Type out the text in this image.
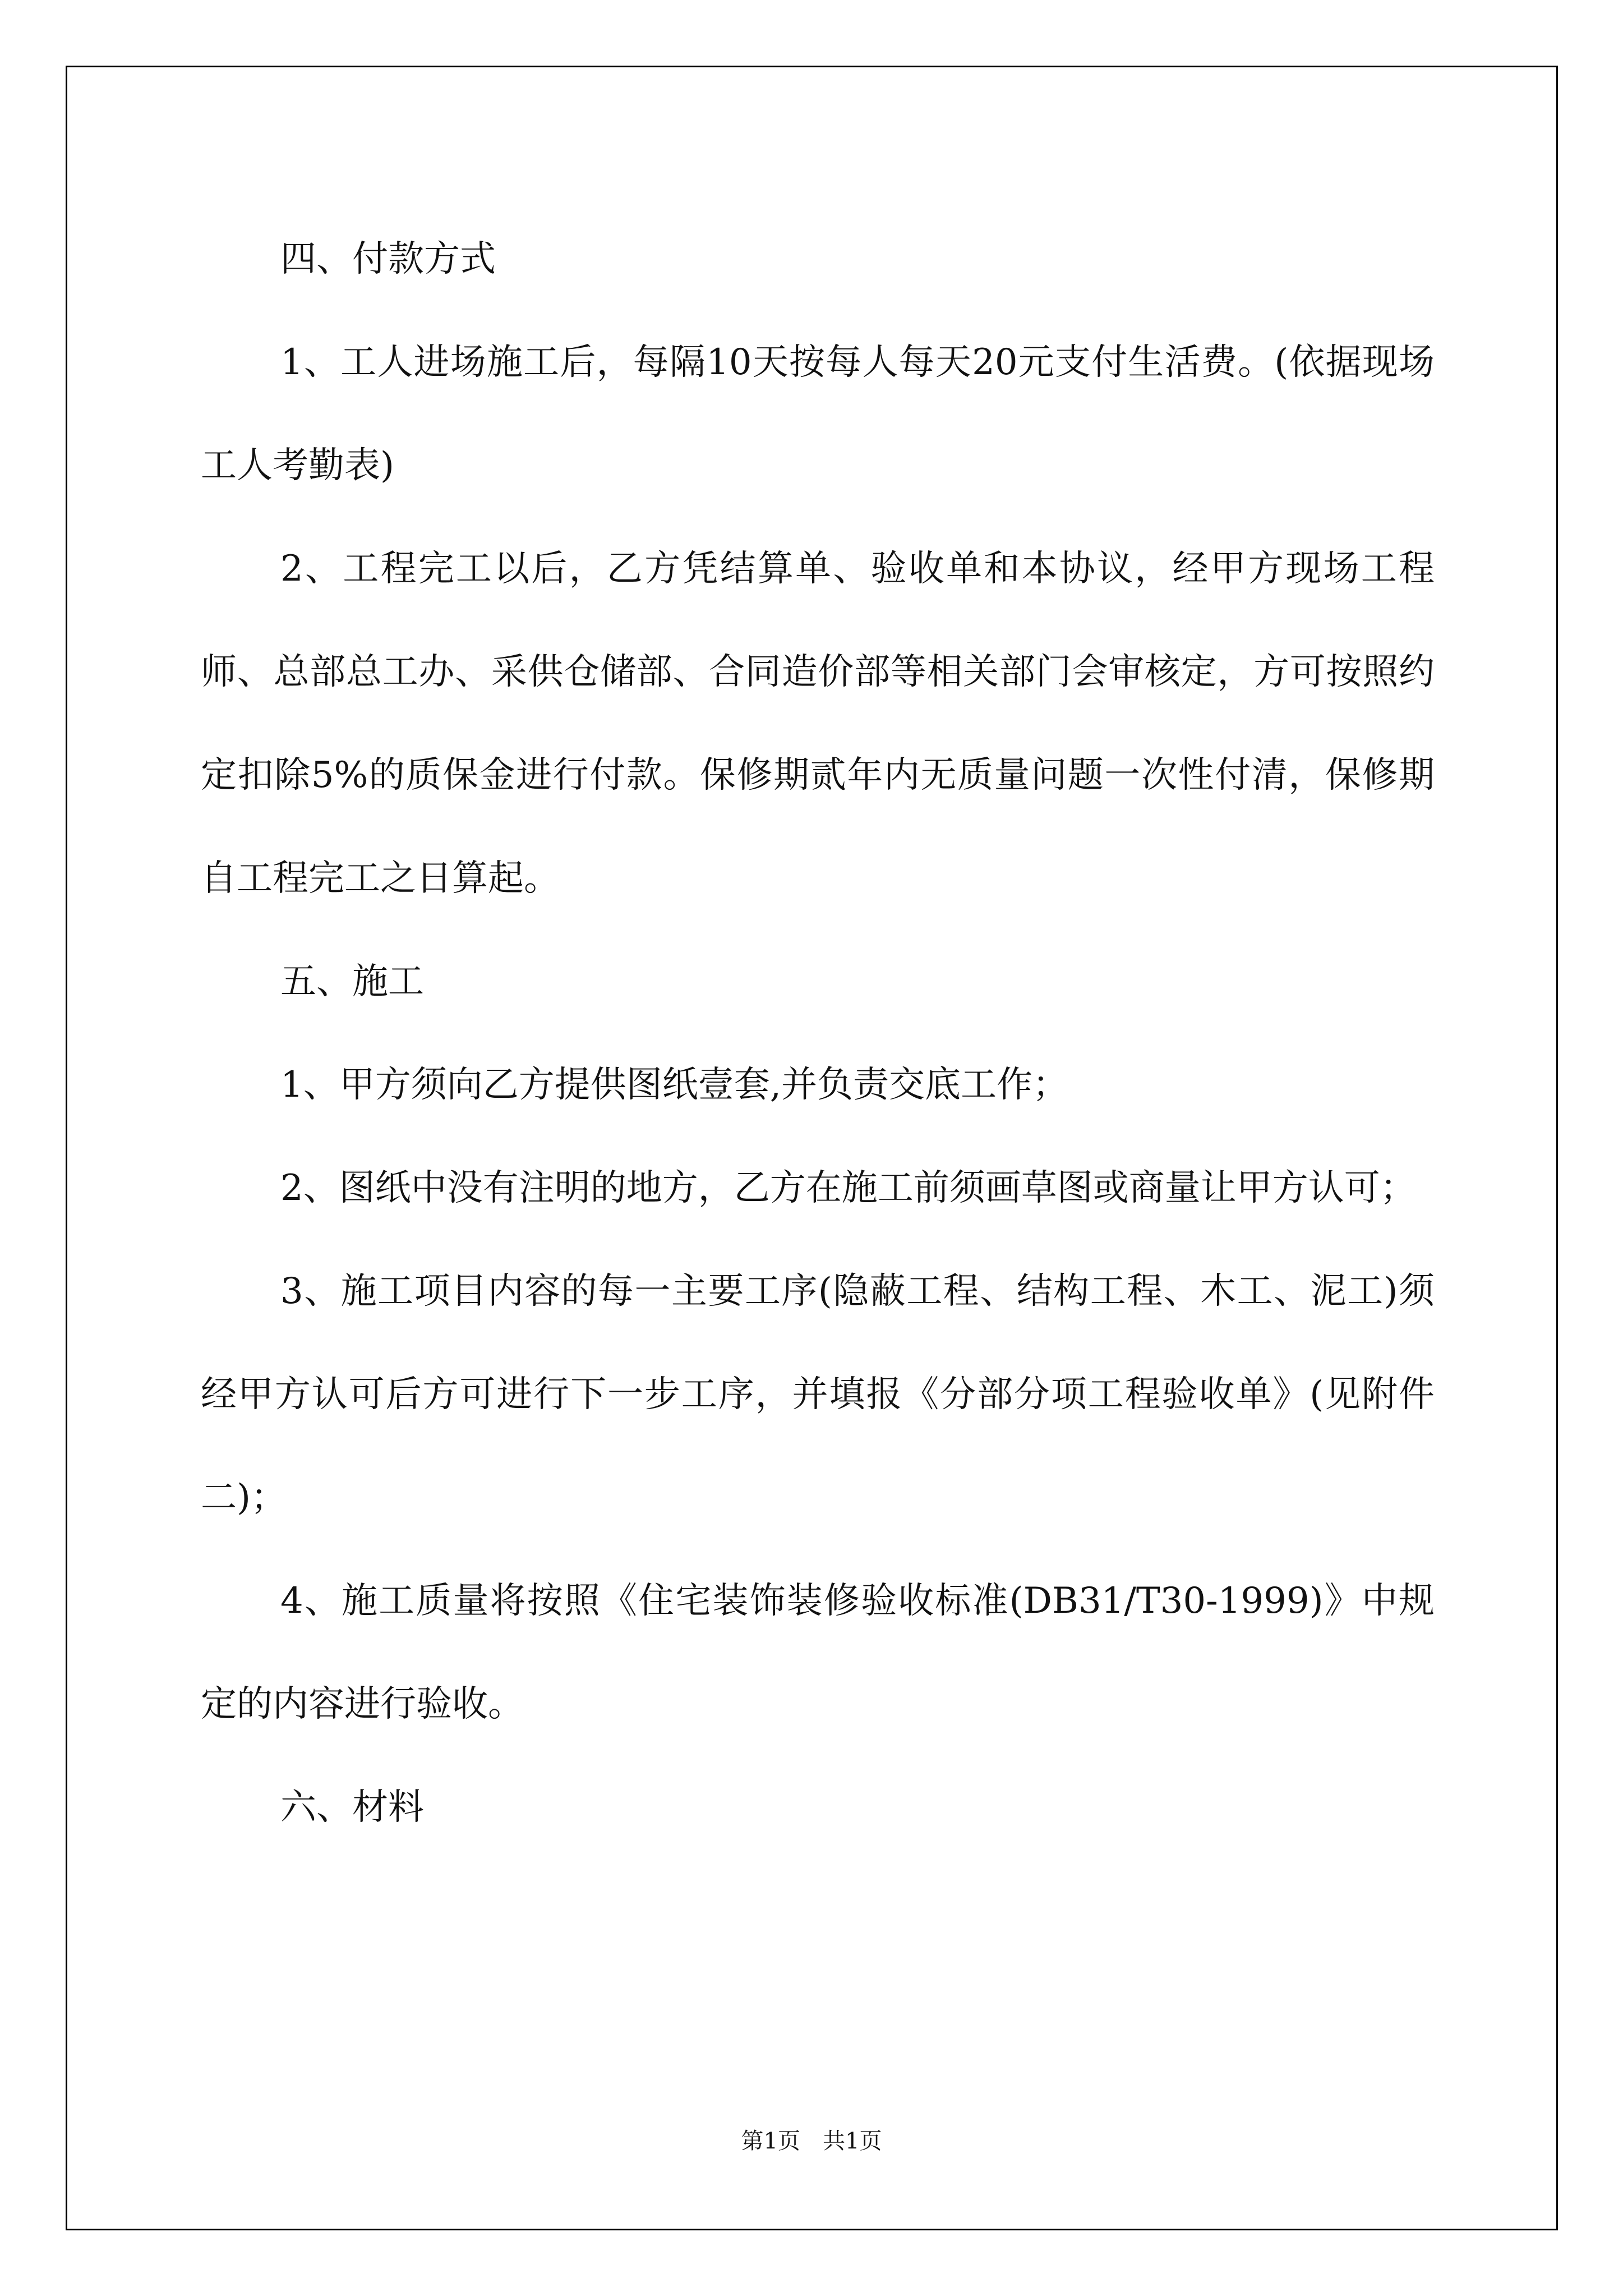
四、付款方式

1、工人进场施工后，每隔10天按每人每天20元支付生活费。(依据现场工人考勤表)

2、工程完工以后，乙方凭结算单、验收单和本协议，经甲方现场工程师、总部总工办、采供仓储部、合同造价部等相关部门会审核定，方可按照约定扣除5%的质保金进行付款。保修期贰年内无质量问题一次性付清，保修期自工程完工之日算起。

五、施工

1、甲方须向乙方提供图纸壹套,并负责交底工作；

2、图纸中没有注明的地方，乙方在施工前须画草图或商量让甲方认可；

3、施工项目内容的每一主要工序(隐蔽工程、结构工程、木工、泥工)须经甲方认可后方可进行下一步工序，并填报《分部分项工程验收单》(见附件二)；

4、施工质量将按照《住宅装饰装修验收标准(DB31/T30-1999)》中规定的内容进行验收。

六、材料

第1页　共1页
